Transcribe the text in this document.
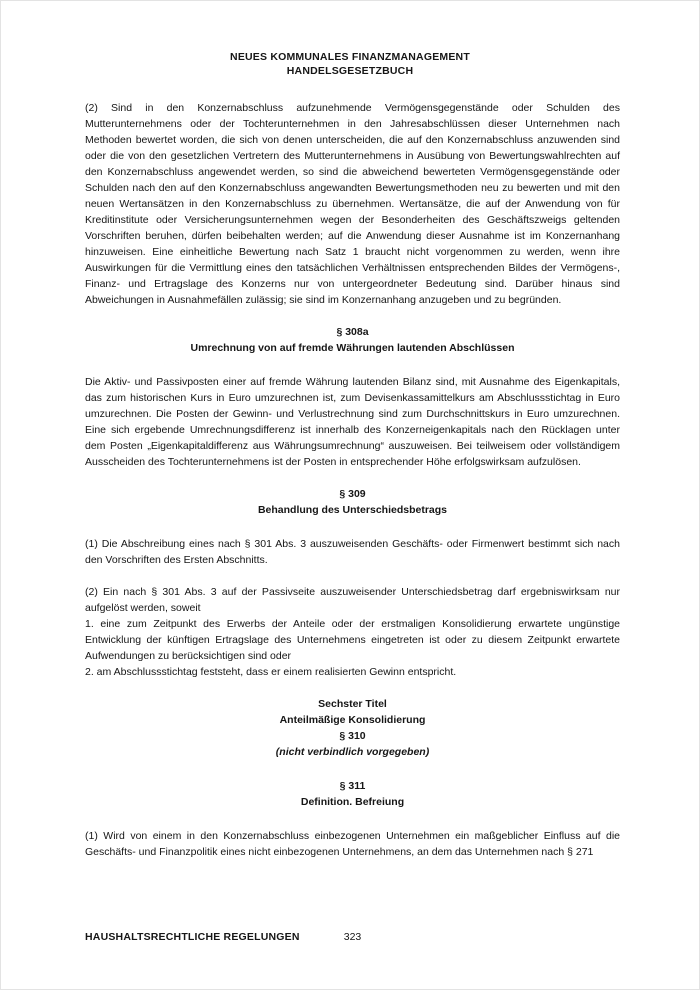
NEUES KOMMUNALES FINANZMANAGEMENT
HANDELSGESETZBUCH

(2) Sind in den Konzernabschluss aufzunehmende Vermögensgegenstände oder Schulden des Mutterunternehmens oder der Tochterunternehmen in den Jahresabschlüssen dieser Unternehmen nach Methoden bewertet worden, die sich von denen unterscheiden, die auf den Konzernabschluss anzuwenden sind oder die von den gesetzlichen Vertretern des Mutterunternehmens in Ausübung von Bewertungswahlrechten auf den Konzernabschluss angewendet werden, so sind die abweichend bewerteten Vermögensgegenstände oder Schulden nach den auf den Konzernabschluss angewandten Bewertungsmethoden neu zu bewerten und mit den neuen Wertansätzen in den Konzernabschluss zu übernehmen. Wertansätze, die auf der Anwendung von für Kreditinstitute oder Versicherungsunternehmen wegen der Besonderheiten des Geschäftszweigs geltenden Vorschriften beruhen, dürfen beibehalten werden; auf die Anwendung dieser Ausnahme ist im Konzernanhang hinzuweisen. Eine einheitliche Bewertung nach Satz 1 braucht nicht vorgenommen zu werden, wenn ihre Auswirkungen für die Vermittlung eines den tatsächlichen Verhältnissen entsprechenden Bildes der Vermögens-, Finanz- und Ertragslage des Konzerns nur von untergeordneter Bedeutung sind. Darüber hinaus sind Abweichungen in Ausnahmefällen zulässig; sie sind im Konzernanhang anzugeben und zu begründen.

§ 308a
Umrechnung von auf fremde Währungen lautenden Abschlüssen

Die Aktiv- und Passivposten einer auf fremde Währung lautenden Bilanz sind, mit Ausnahme des Eigenkapitals, das zum historischen Kurs in Euro umzurechnen ist, zum Devisenkassamittelkurs am Abschlussstichtag in Euro umzurechnen. Die Posten der Gewinn- und Verlustrechnung sind zum Durchschnittskurs in Euro umzurechnen. Eine sich ergebende Umrechnungsdifferenz ist innerhalb des Konzerneigenkapitals nach den Rücklagen unter dem Posten „Eigenkapitaldifferenz aus Währungsumrechnung“ auszuweisen. Bei teilweisem oder vollständigem Ausscheiden des Tochterunternehmens ist der Posten in entsprechender Höhe erfolgswirksam aufzulösen.

§ 309
Behandlung des Unterschiedsbetrags

(1) Die Abschreibung eines nach § 301 Abs. 3 auszuweisenden Geschäfts- oder Firmenwert bestimmt sich nach den Vorschriften des Ersten Abschnitts.

(2) Ein nach § 301 Abs. 3 auf der Passivseite auszuweisender Unterschiedsbetrag darf ergebniswirksam nur aufgelöst werden, soweit

1. eine zum Zeitpunkt des Erwerbs der Anteile oder der erstmaligen Konsolidierung erwartete ungünstige Entwicklung der künftigen Ertragslage des Unternehmens eingetreten ist oder zu diesem Zeitpunkt erwartete Aufwendungen zu berücksichtigen sind oder

2. am Abschlussstichtag feststeht, dass er einem realisierten Gewinn entspricht.

Sechster Titel
Anteilmäßige Konsolidierung
§ 310
(nicht verbindlich vorgegeben)
§ 311
Definition. Befreiung

(1) Wird von einem in den Konzernabschluss einbezogenen Unternehmen ein maßgeblicher Einfluss auf die Geschäfts- und Finanzpolitik eines nicht einbezogenen Unternehmens, an dem das Unternehmen nach § 271

HAUSHALTSRECHTLICHE REGELUNGEN	323
